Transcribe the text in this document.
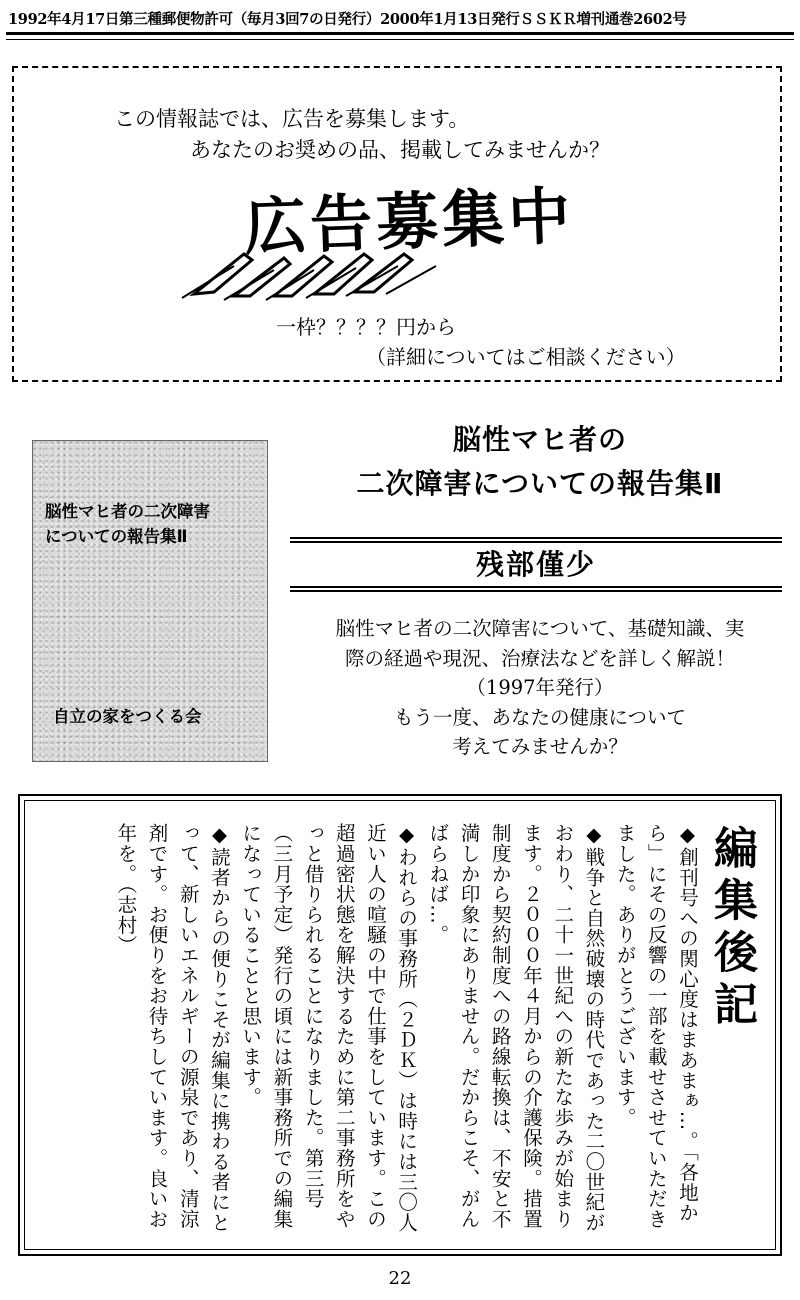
1992年4月17日第三種郵便物許可（毎月3回7の日発行）2000年1月13日発行ＳＳＫＲ増刊通巻2602号
この情報誌では、広告を募集します。
あなたのお奨めの品、掲載してみませんか？
広告募集中
一枠？？？？円から
（詳細についてはご相談ください）
脳性マヒ者の二次障害
についての報告集Ⅱ
自立の家をつくる会
脳性マヒ者の
二次障害についての報告集Ⅱ
残部僅少
脳性マヒ者の二次障害について、基礎知識、実
際の経過や現況、治療法などを詳しく解説！
（1997年発行）
もう一度、あなたの健康について
考えてみませんか？
編集後記

◆創刊号への関心度はまあまぁ…。「各地から」にその反響の一部を載せさせていただきました。ありがとうございます。

◆戦争と自然破壊の時代であった二〇世紀がおわり、二十一世紀への新たな歩みが始まります。２０００年４月からの介護保険。措置制度から契約制度への路線転換は、不安と不満しか印象にありません。だからこそ、がんばらねば…。

◆われらの事務所（２ＤＫ）は時には三〇人近い人の喧騒の中で仕事をしています。この超過密状態を解決するために第二事務所をやっと借りられることになりました。第三号（三月予定）発行の頃には新事務所での編集になっていることと思います。

◆読者からの便りこそが編集に携わる者にとって、新しいエネルギーの源泉であり、清涼剤です。お便りをお待ちしています。良いお年を。（志村）

22
